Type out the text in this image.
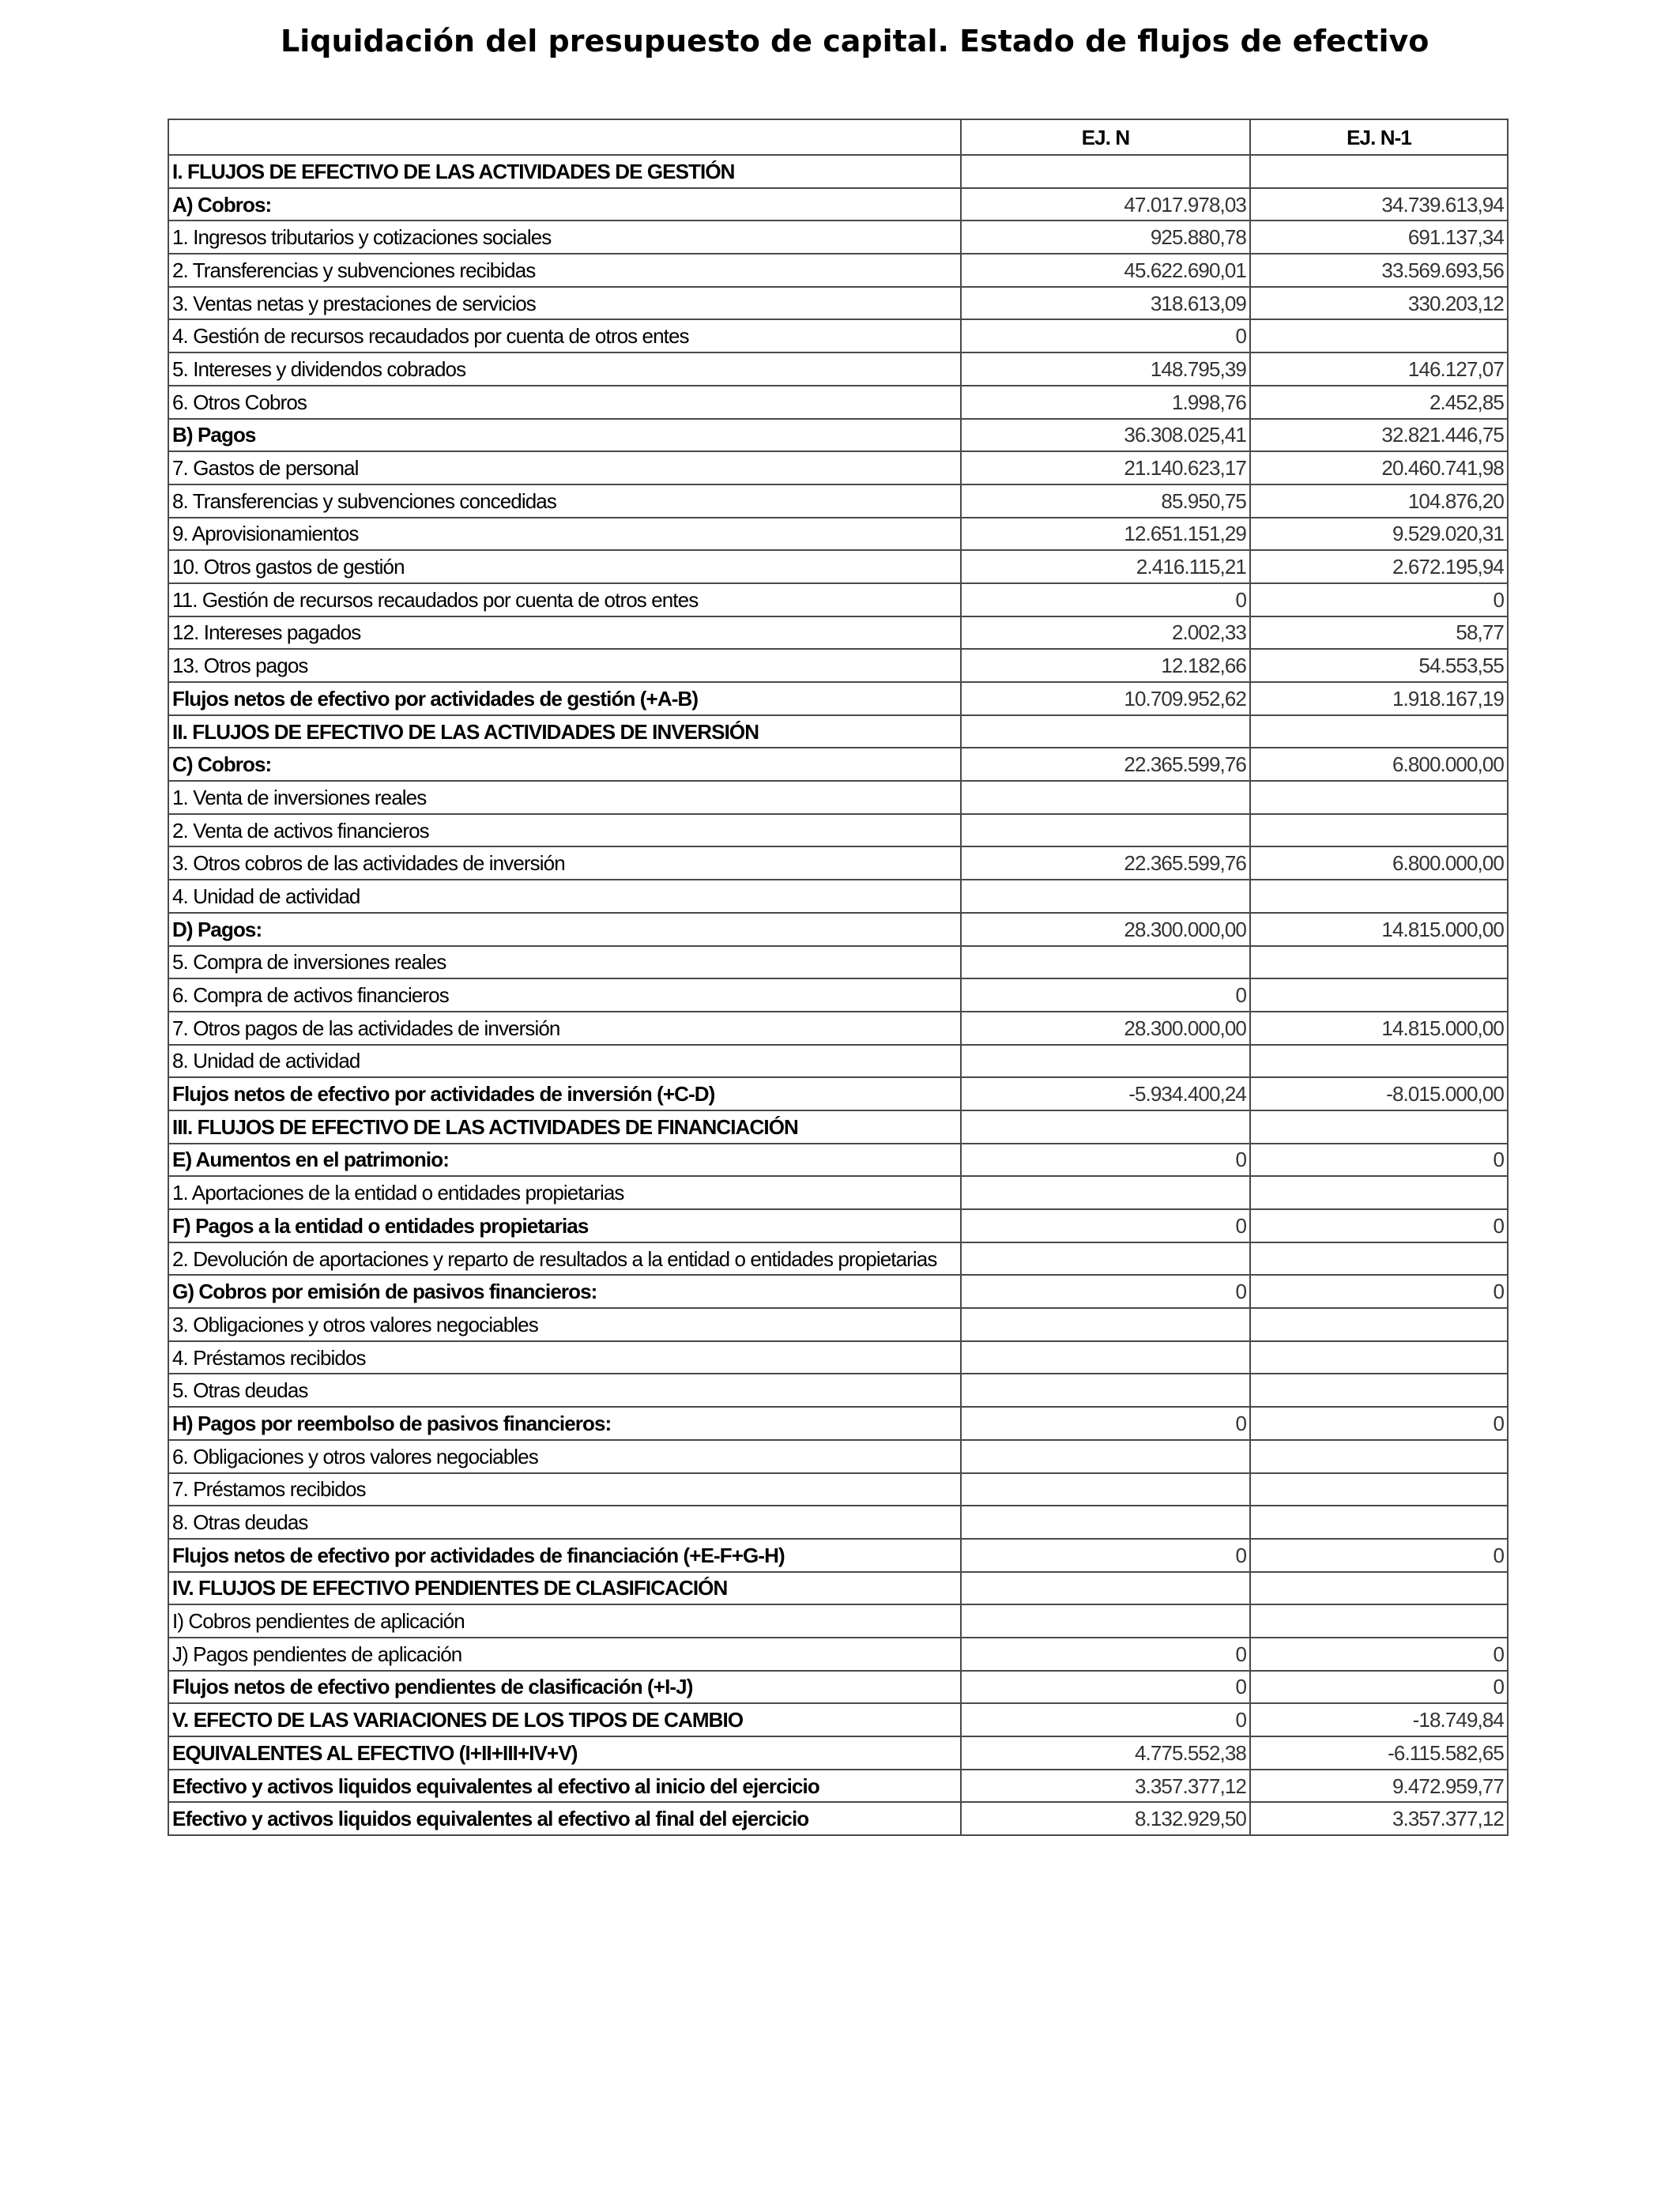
Liquidación del presupuesto de capital. Estado de flujos de efectivo
	EJ. N	EJ. N-1
I. FLUJOS DE EFECTIVO DE LAS ACTIVIDADES DE GESTIÓN		
A) Cobros:	47.017.978,03	34.739.613,94
1. Ingresos tributarios y cotizaciones sociales	925.880,78	691.137,34
2. Transferencias y subvenciones recibidas	45.622.690,01	33.569.693,56
3. Ventas netas y prestaciones de servicios	318.613,09	330.203,12
4. Gestión de recursos recaudados por cuenta de otros entes	0	
5. Intereses y dividendos cobrados	148.795,39	146.127,07
6. Otros Cobros	1.998,76	2.452,85
B) Pagos	36.308.025,41	32.821.446,75
7. Gastos de personal	21.140.623,17	20.460.741,98
8. Transferencias y subvenciones concedidas	85.950,75	104.876,20
9. Aprovisionamientos	12.651.151,29	9.529.020,31
10. Otros gastos de gestión	2.416.115,21	2.672.195,94
11. Gestión de recursos recaudados por cuenta de otros entes	0	0
12. Intereses pagados	2.002,33	58,77
13. Otros pagos	12.182,66	54.553,55
Flujos netos de efectivo por actividades de gestión (+A-B)	10.709.952,62	1.918.167,19
II. FLUJOS DE EFECTIVO DE LAS ACTIVIDADES DE INVERSIÓN		
C) Cobros:	22.365.599,76	6.800.000,00
1. Venta de inversiones reales		
2. Venta de activos financieros		
3. Otros cobros de las actividades de inversión	22.365.599,76	6.800.000,00
4. Unidad de actividad		
D) Pagos:	28.300.000,00	14.815.000,00
5. Compra de inversiones reales		
6. Compra de activos financieros	0	
7. Otros pagos de las actividades de inversión	28.300.000,00	14.815.000,00
8. Unidad de actividad		
Flujos netos de efectivo por actividades de inversión (+C-D)	-5.934.400,24	-8.015.000,00
III. FLUJOS DE EFECTIVO DE LAS ACTIVIDADES DE FINANCIACIÓN		
E) Aumentos en el patrimonio:	0	0
1. Aportaciones de la entidad o entidades propietarias		
F) Pagos a la entidad o entidades propietarias	0	0
2. Devolución de aportaciones y reparto de resultados a la entidad o entidades propietarias		
G) Cobros por emisión de pasivos financieros:	0	0
3. Obligaciones y otros valores negociables		
4. Préstamos recibidos		
5. Otras deudas		
H) Pagos por reembolso de pasivos financieros:	0	0
6. Obligaciones y otros valores negociables		
7. Préstamos recibidos		
8. Otras deudas		
Flujos netos de efectivo por actividades de financiación (+E-F+G-H)	0	0
IV. FLUJOS DE EFECTIVO PENDIENTES DE CLASIFICACIÓN		
I) Cobros pendientes de aplicación		
J) Pagos pendientes de aplicación	0	0
Flujos netos de efectivo pendientes de clasificación (+I-J)	0	0
V. EFECTO DE LAS VARIACIONES DE LOS TIPOS DE CAMBIO	0	-18.749,84
EQUIVALENTES AL EFECTIVO (I+II+III+IV+V)	4.775.552,38	-6.115.582,65
Efectivo y activos liquidos equivalentes al efectivo al inicio del ejercicio	3.357.377,12	9.472.959,77
Efectivo y activos liquidos equivalentes al efectivo al final del ejercicio	8.132.929,50	3.357.377,12
